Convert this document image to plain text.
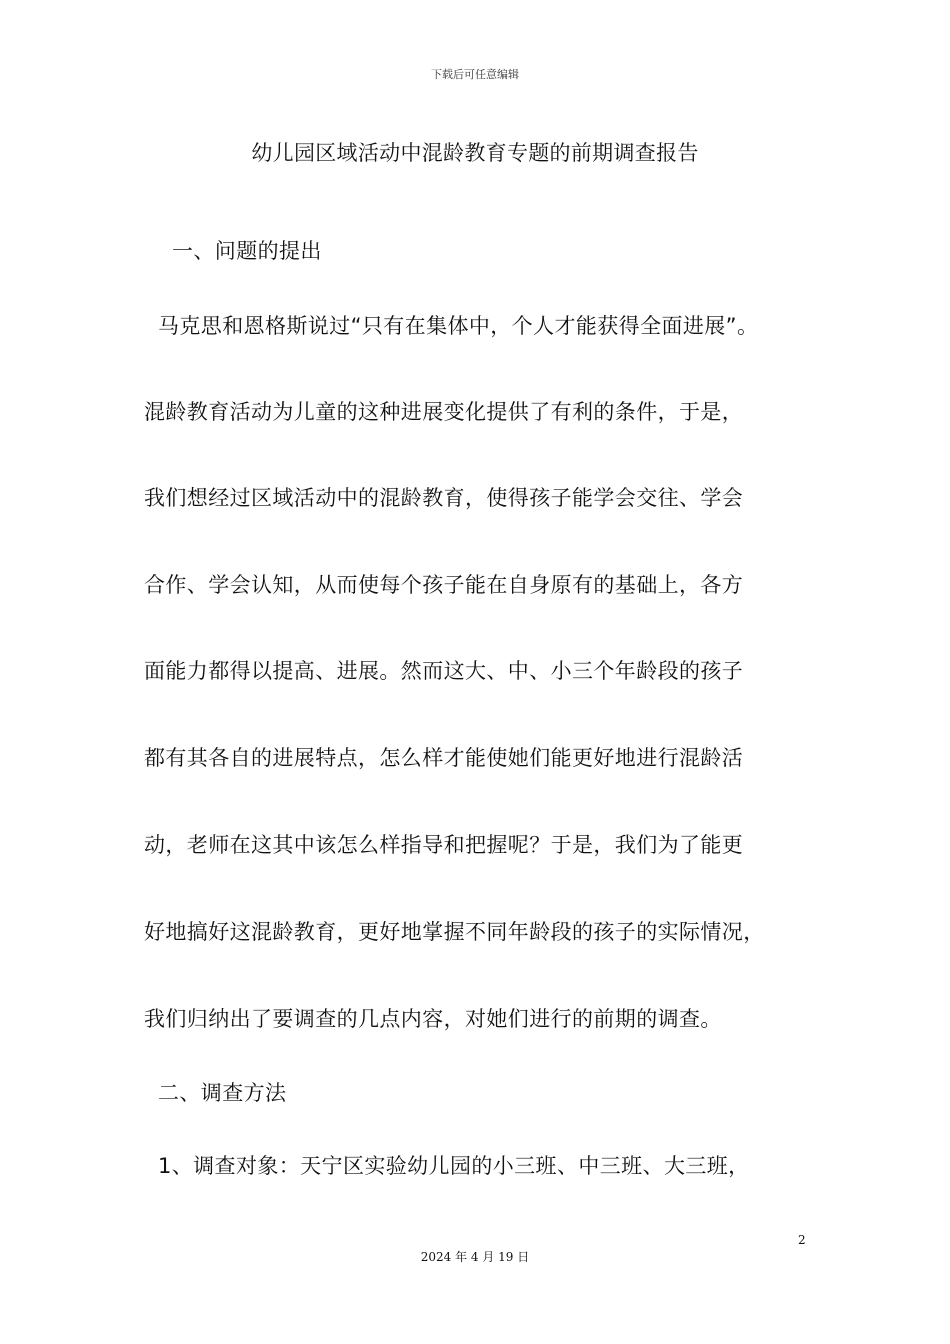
下载后可任意编辑
幼儿园区域活动中混龄教育专题的前期调查报告
一、问题的提出
马克思和恩格斯说过“只有在集体中，个人才能获得全面进展”。
混龄教育活动为儿童的这种进展变化提供了有利的条件，于是，
我们想经过区域活动中的混龄教育，使得孩子能学会交往、学会
合作、学会认知，从而使每个孩子能在自身原有的基础上，各方
面能力都得以提高、进展。然而这大、中、小三个年龄段的孩子
都有其各自的进展特点，怎么样才能使她们能更好地进行混龄活
动，老师在这其中该怎么样指导和把握呢？于是，我们为了能更
好地搞好这混龄教育，更好地掌握不同年龄段的孩子的实际情况，
我们归纳出了要调查的几点内容，对她们进行的前期的调查。
二、调查方法
1、调查对象：天宁区实验幼儿园的小三班、中三班、大三班，
2
2024 年 4 月 19 日
